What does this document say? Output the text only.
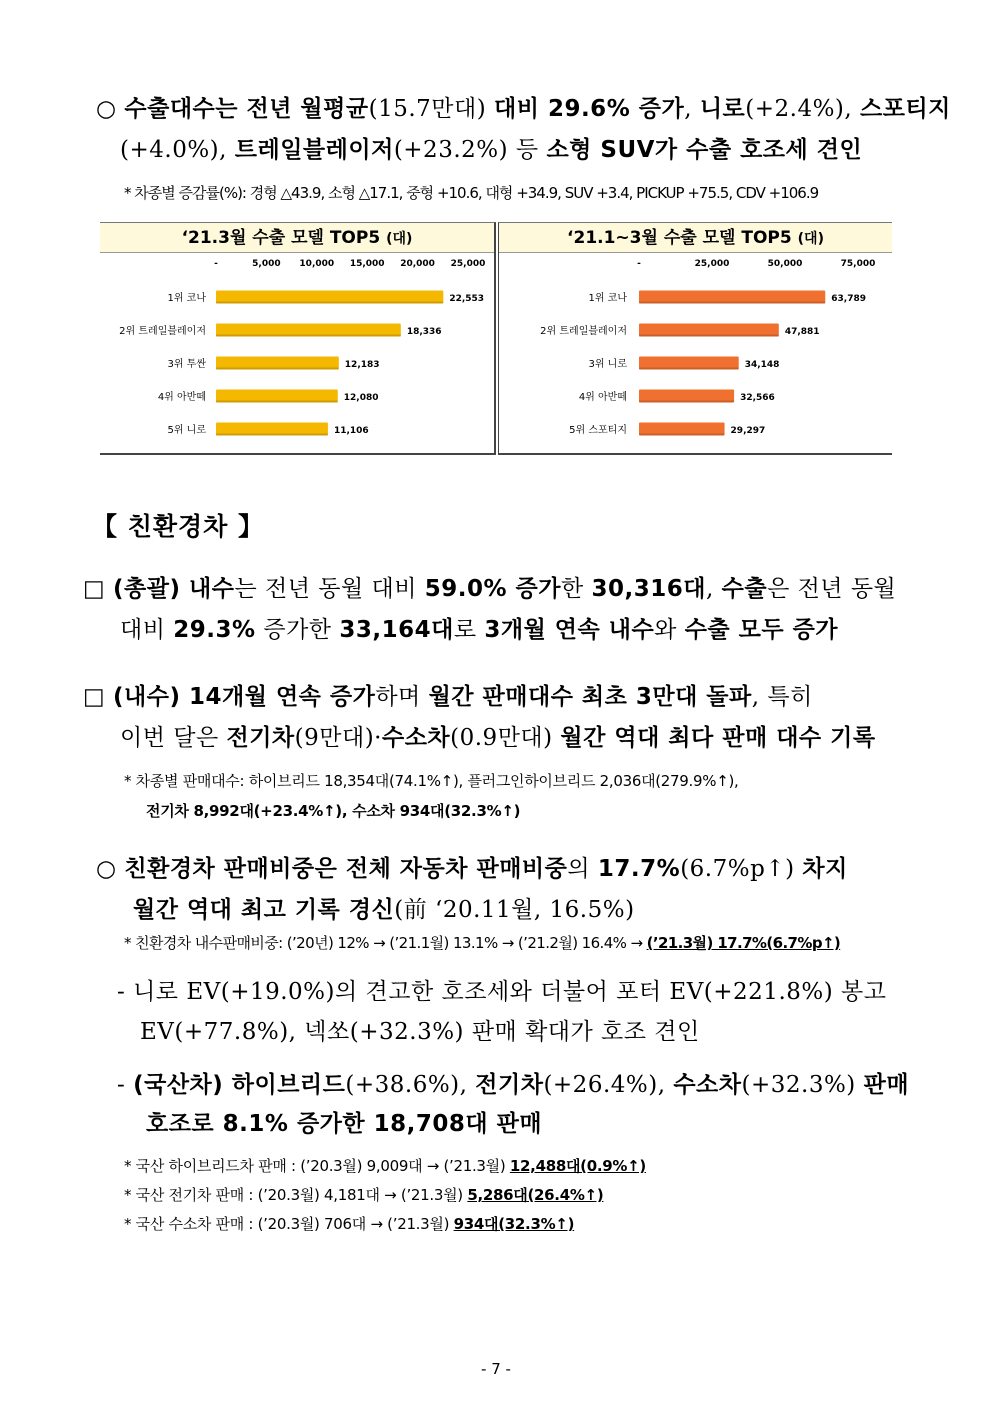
○ 수출대수는 전년 월평균(15.7만대) 대비 29.6% 증가, 니로(+2.4%), 스포티지
(+4.0%), 트레일블레이저(+23.2%) 등 소형 SUV가 수출 호조세 견인
* 차종별 증감률(%): 경형 △43.9, 소형 △17.1, 중형 +10.6, 대형 +34.9, SUV +3.4, PICKUP +75.5, CDV +106.9
‘21.3월 수출 모델 TOP5 (대)
-	5,000 10,000 15,000 20,000 25,000
1위 코나	22,553
2위 트레일블레이저	18,336
3위 투싼	12,183
4위 아반떼	12,080
5위 니로	11,106
‘21.1~3월 수출 모델 TOP5 (대)
-	25,000	50,000	75,000
1위 코나	63,789
2위 트레일블레이저	47,881
3위 니로	34,148
4위 아반떼	32,566
5위 스포티지	29,297
【 친환경차 】
□ (총괄) 내수는 전년 동월 대비 59.0% 증가한 30,316대, 수출은 전년 동월
대비 29.3% 증가한 33,164대로 3개월 연속 내수와 수출 모두 증가
□ (내수) 14개월 연속 증가하며 월간 판매대수 최초 3만대 돌파, 특히
이번 달은 전기차(9만대)·수소차(0.9만대) 월간 역대 최다 판매 대수 기록
* 차종별 판매대수: 하이브리드 18,354대(74.1%↑), 플러그인하이브리드 2,036대(279.9%↑),
전기차 8,992대(+23.4%↑), 수소차 934대(32.3%↑)
○ 친환경차 판매비중은 전체 자동차 판매비중의 17.7%(6.7%p↑) 차지
월간 역대 최고 기록 경신(前 ‘20.11월, 16.5%)
* 친환경차 내수판매비중: (’20년) 12% → (’21.1월) 13.1% → (’21.2월) 16.4% → (’21.3월) 17.7%(6.7%p↑)
- 니로 EV(+19.0%)의 견고한 호조세와 더불어 포터 EV(+221.8%) 봉고
EV(+77.8%), 넥쏘(+32.3%) 판매 확대가 호조 견인
- (국산차) 하이브리드(+38.6%), 전기차(+26.4%), 수소차(+32.3%) 판매
호조로 8.1% 증가한 18,708대 판매
* 국산 하이브리드차 판매 : (’20.3월) 9,009대 → (’21.3월) 12,488대(0.9%↑)
* 국산 전기차 판매 : (’20.3월) 4,181대 → (’21.3월) 5,286대(26.4%↑)
* 국산 수소차 판매 : (’20.3월) 706대 → (’21.3월) 934대(32.3%↑)
- 7 -
